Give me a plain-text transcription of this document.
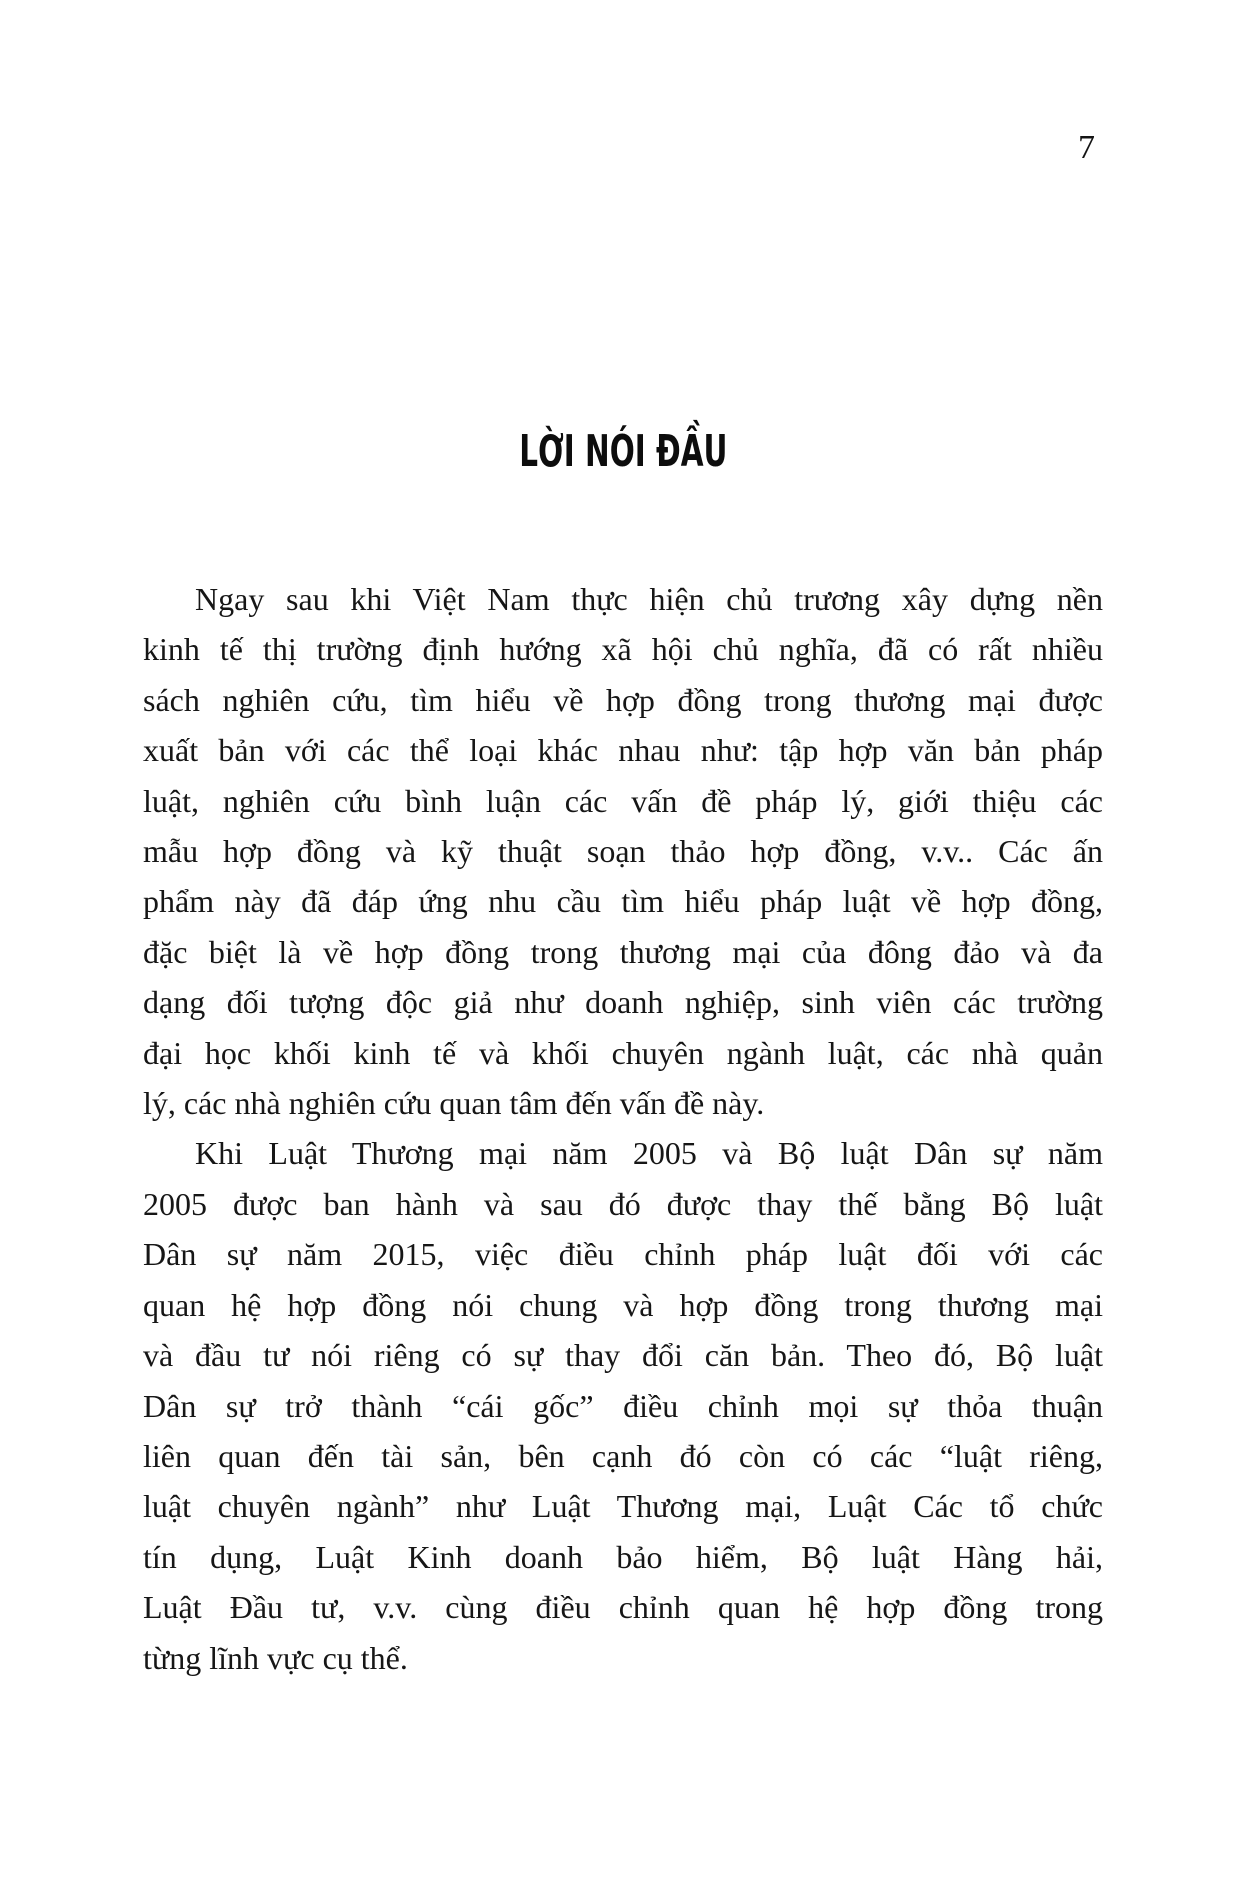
7
LỜI NÓI ĐẦU
Ngay sau khi Việt Nam thực hiện chủ trương xây dựng nền
kinh tế thị trường định hướng xã hội chủ nghĩa, đã có rất nhiều
sách nghiên cứu, tìm hiểu về hợp đồng trong thương mại được
xuất bản với các thể loại khác nhau như: tập hợp văn bản pháp
luật, nghiên cứu bình luận các vấn đề pháp lý, giới thiệu các
mẫu hợp đồng và kỹ thuật soạn thảo hợp đồng, v.v.. Các ấn
phẩm này đã đáp ứng nhu cầu tìm hiểu pháp luật về hợp đồng,
đặc biệt là về hợp đồng trong thương mại của đông đảo và đa
dạng đối tượng độc giả như doanh nghiệp, sinh viên các trường
đại học khối kinh tế và khối chuyên ngành luật, các nhà quản
lý, các nhà nghiên cứu quan tâm đến vấn đề này.
Khi Luật Thương mại năm 2005 và Bộ luật Dân sự năm
2005 được ban hành và sau đó được thay thế bằng Bộ luật
Dân sự năm 2015, việc điều chỉnh pháp luật đối với các
quan hệ hợp đồng nói chung và hợp đồng trong thương mại
và đầu tư nói riêng có sự thay đổi căn bản. Theo đó, Bộ luật
Dân sự trở thành “cái gốc” điều chỉnh mọi sự thỏa thuận
liên quan đến tài sản, bên cạnh đó còn có các “luật riêng,
luật chuyên ngành” như Luật Thương mại, Luật Các tổ chức
tín dụng, Luật Kinh doanh bảo hiểm, Bộ luật Hàng hải,
Luật Đầu tư, v.v. cùng điều chỉnh quan hệ hợp đồng trong
từng lĩnh vực cụ thể.
